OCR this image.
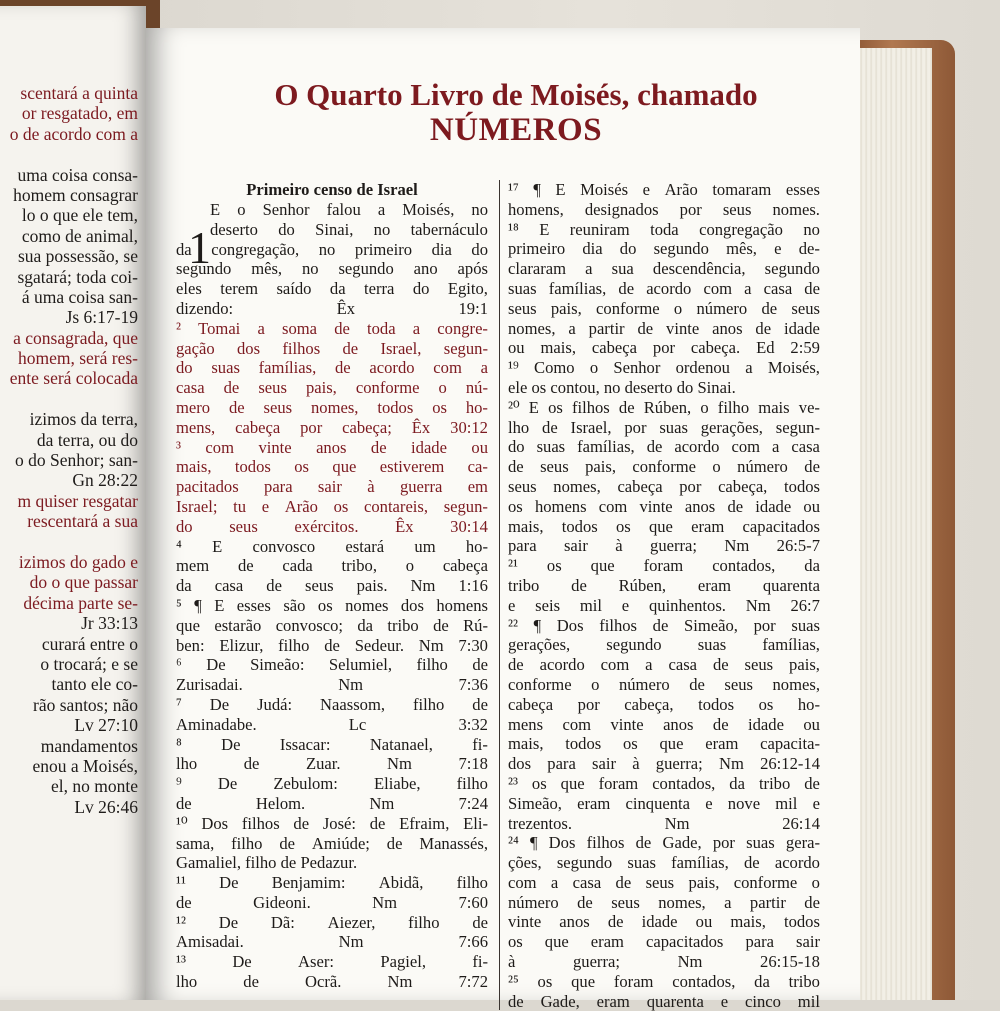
scentará a quinta
or resgatado, em
o de acordo com a
uma coisa consa-
homem consagrar
lo o que ele tem,
como de animal,
sua possessão, se
sgatará; toda coi-
á uma coisa san-
Js 6:17-19
a consagrada, que
homem, será res-
ente será colocada
izimos da terra,
da terra, ou do
o do Senhor; san-
Gn 28:22
m quiser resgatar
rescentará a sua
izimos do gado e
do o que passar
décima parte se-
Jr 33:13
curará entre o
o trocará; e se
tanto ele co-
rão santos; não
Lv 27:10
mandamentos
enou a Moisés,
el, no monte
Lv 26:46
O Quarto Livro de Moisés, chamado
NÚMEROS
Primeiro censo de Israel
1
E o Senhor falou a Moisés, no
deserto do Sinai, no tabernáculo
da congregação, no primeiro dia do
segundo mês, no segundo ano após
eles terem saído da terra do Egito,
dizendo:	Êx	19:1
² Tomai a soma de toda a congre-
gação dos filhos de Israel, segun-
do suas famílias, de acordo com a
casa de seus pais, conforme o nú-
mero de seus nomes, todos os ho-
mens, cabeça por cabeça; Êx 30:12
³ com vinte anos de idade ou
mais, todos os que estiverem ca-
pacitados para sair à guerra em
Israel; tu e Arão os contareis, segun-
do seus exércitos. Êx 30:14
⁴ E convosco estará um ho-
mem de cada tribo, o cabeça
da casa de seus pais. Nm 1:16
⁵ ¶ E esses são os nomes dos homens
que estarão convosco; da tribo de Rú-
ben: Elizur, filho de Sedeur. Nm 7:30
⁶ De Simeão: Selumiel, filho de
Zurisadai.	Nm	7:36
⁷ De Judá: Naassom, filho de
Aminadabe.	Lc	3:32
⁸ De Issacar: Natanael, fi-
lho	de	Zuar.	Nm	7:18
⁹ De Zebulom: Eliabe, filho
de	Helom.	Nm	7:24
¹⁰ Dos filhos de José: de Efraim, Eli-
sama, filho de Amiúde; de Manassés,
Gamaliel, filho de Pedazur.
¹¹ De Benjamim: Abidã, filho
de	Gideoni.	Nm	7:60
¹² De Dã: Aiezer, filho de
Amisadai.	Nm	7:66
¹³	De	Aser:	Pagiel,	fi-
lho	de	Ocrã.	Nm	7:72
¹⁷ ¶ E Moisés e Arão tomaram esses
homens, designados por seus nomes.
¹⁸ E reuniram toda congregação no
primeiro dia do segundo mês, e de-
clararam a sua descendência, segundo
suas famílias, de acordo com a casa de
seus pais, conforme o número de seus
nomes, a partir de vinte anos de idade
ou mais, cabeça por cabeça. Ed 2:59
¹⁹ Como o Senhor ordenou a Moisés,
ele os contou, no deserto do Sinai.
²⁰ E os filhos de Rúben, o filho mais ve-
lho de Israel, por suas gerações, segun-
do suas famílias, de acordo com a casa
de seus pais, conforme o número de
seus nomes, cabeça por cabeça, todos
os homens com vinte anos de idade ou
mais, todos os que eram capacitados
para sair à guerra; Nm 26:5-7
²¹ os que foram contados, da
tribo de Rúben, eram quarenta
e seis mil e quinhentos. Nm 26:7
²² ¶ Dos filhos de Simeão, por suas
gerações, segundo suas famílias,
de acordo com a casa de seus pais,
conforme o número de seus nomes,
cabeça por cabeça, todos os ho-
mens com vinte anos de idade ou
mais, todos os que eram capacita-
dos para sair à guerra; Nm 26:12-14
²³ os que foram contados, da tribo de
Simeão, eram cinquenta e nove mil e
trezentos.	Nm	26:14
²⁴ ¶ Dos filhos de Gade, por suas gera-
ções, segundo suas famílias, de acordo
com a casa de seus pais, conforme o
número de seus nomes, a partir de
vinte anos de idade ou mais, todos
os que eram capacitados para sair
à	guerra;	Nm	26:15-18
²⁵ os que foram contados, da tribo
de Gade, eram quarenta e cinco mil
